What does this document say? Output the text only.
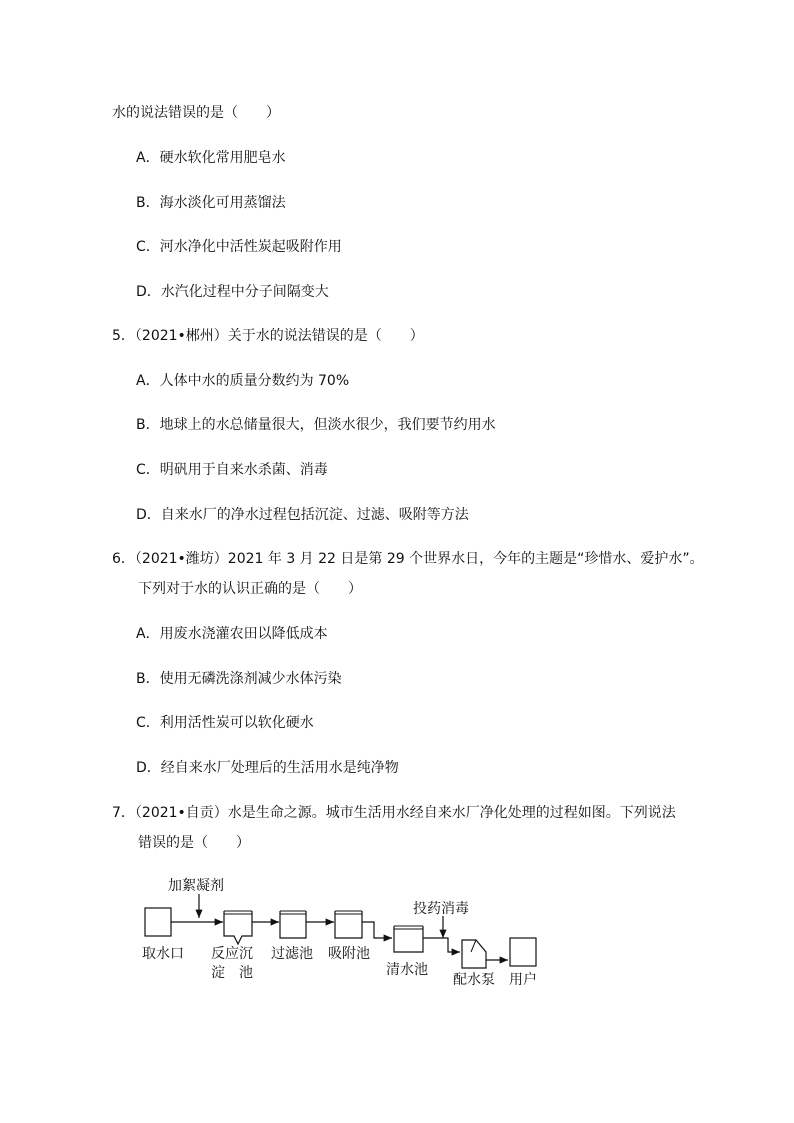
水的说法错误的是（　　）
A．硬水软化常用肥皂水
B．海水淡化可用蒸馏法
C．河水净化中活性炭起吸附作用
D．水汽化过程中分子间隔变大
5．（2021•郴州）关于水的说法错误的是（　　）
A．人体中水的质量分数约为 70%
B．地球上的水总储量很大，但淡水很少，我们要节约用水
C．明矾用于自来水杀菌、消毒
D．自来水厂的净水过程包括沉淀、过滤、吸附等方法
6．（2021•潍坊）2021 年 3 月 22 日是第 29 个世界水日，今年的主题是“珍惜水、爱护水”。
下列对于水的认识正确的是（　　）
A．用废水浇灌农田以降低成本
B．使用无磷洗涤剂减少水体污染
C．利用活性炭可以软化硬水
D．经自来水厂处理后的生活用水是纯净物
7．（2021•自贡）水是生命之源。城市生活用水经自来水厂净化处理的过程如图。下列说法
错误的是（　　）
加絮凝剂
投药消毒
取水口 反应沉
淀　池
过滤池 吸附池
清水池
配水泵 用户
